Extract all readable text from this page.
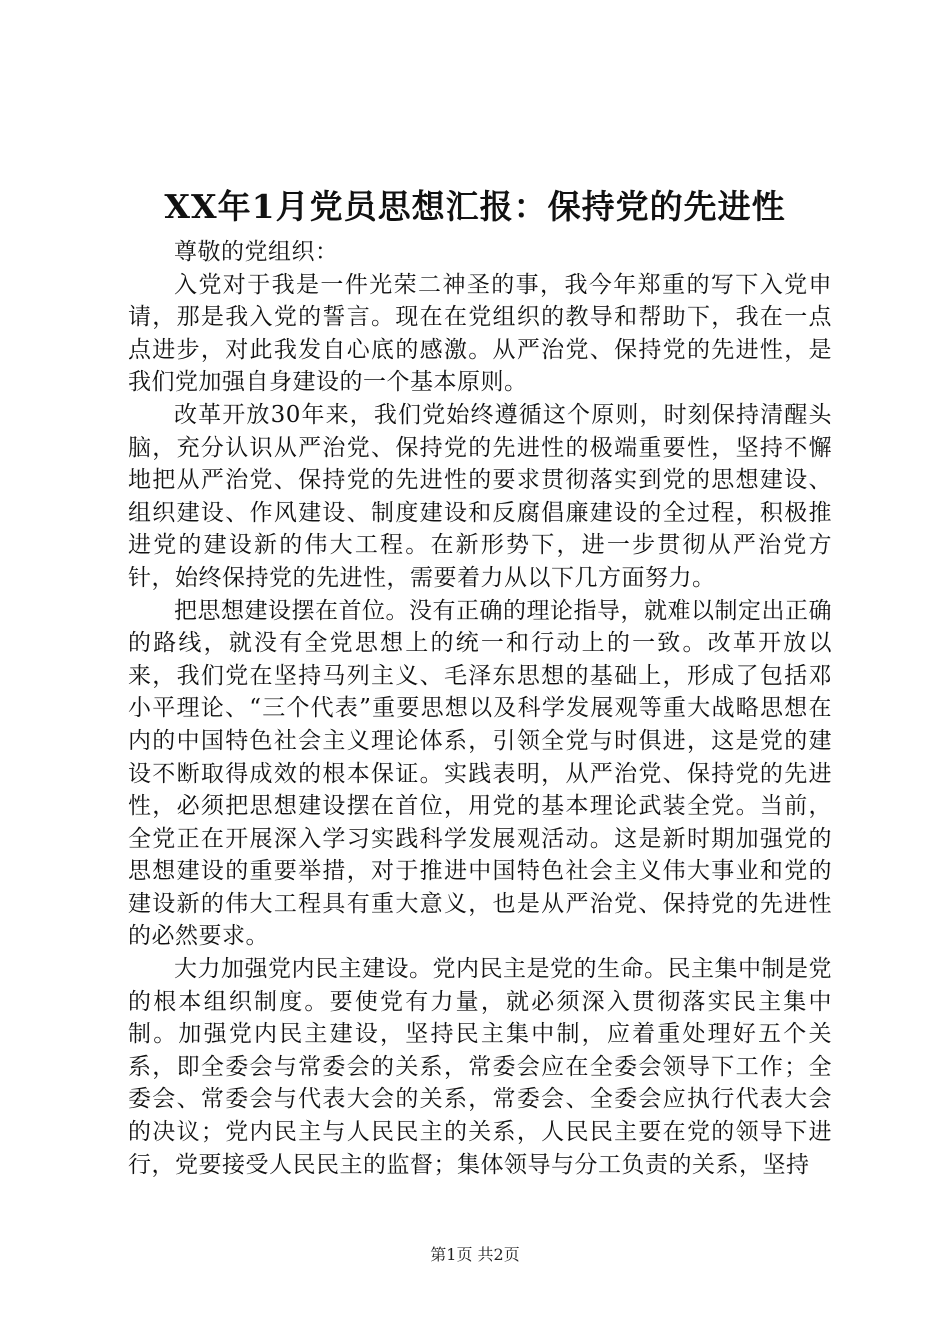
XX年1月党员思想汇报：保持党的先进性

尊敬的党组织：

入党对于我是一件光荣二神圣的事，我今年郑重的写下入党申请，那是我入党的誓言。现在在党组织的教导和帮助下，我在一点点进步，对此我发自心底的感激。从严治党、保持党的先进性，是我们党加强自身建设的一个基本原则。

改革开放30年来，我们党始终遵循这个原则，时刻保持清醒头脑，充分认识从严治党、保持党的先进性的极端重要性，坚持不懈地把从严治党、保持党的先进性的要求贯彻落实到党的思想建设、组织建设、作风建设、制度建设和反腐倡廉建设的全过程，积极推进党的建设新的伟大工程。在新形势下，进一步贯彻从严治党方针，始终保持党的先进性，需要着力从以下几方面努力。

把思想建设摆在首位。没有正确的理论指导，就难以制定出正确的路线，就没有全党思想上的统一和行动上的一致。改革开放以来，我们党在坚持马列主义、毛泽东思想的基础上，形成了包括邓小平理论、“三个代表”重要思想以及科学发展观等重大战略思想在内的中国特色社会主义理论体系，引领全党与时俱进，这是党的建设不断取得成效的根本保证。实践表明，从严治党、保持党的先进性，必须把思想建设摆在首位，用党的基本理论武装全党。当前，全党正在开展深入学习实践科学发展观活动。这是新时期加强党的思想建设的重要举措，对于推进中国特色社会主义伟大事业和党的建设新的伟大工程具有重大意义，也是从严治党、保持党的先进性的必然要求。

大力加强党内民主建设。党内民主是党的生命。民主集中制是党的根本组织制度。要使党有力量，就必须深入贯彻落实民主集中制。加强党内民主建设，坚持民主集中制，应着重处理好五个关系，即全委会与常委会的关系，常委会应在全委会领导下工作；全委会、常委会与代表大会的关系，常委会、全委会应执行代表大会的决议；党内民主与人民民主的关系，人民民主要在党的领导下进行，党要接受人民民主的监督；集体领导与分工负责的关系，坚持

第1页 共2页
